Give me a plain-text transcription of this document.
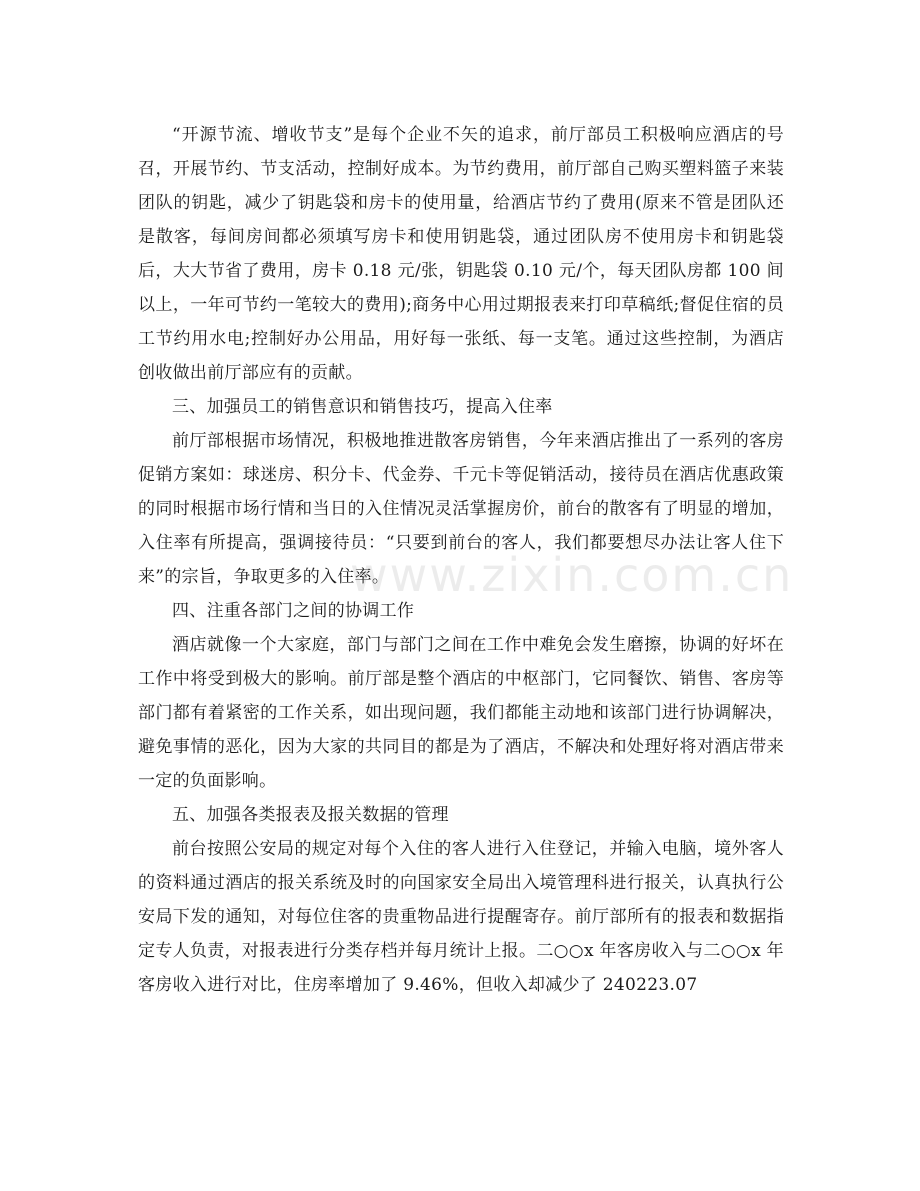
“开源节流、增收节支”是每个企业不矢的追求，前厅部员工积极响应酒店的号召，开展节约、节支活动，控制好成本。为节约费用，前厅部自己购买塑料篮子来装团队的钥匙，减少了钥匙袋和房卡的使用量，给酒店节约了费用(原来不管是团队还是散客，每间房间都必须填写房卡和使用钥匙袋，通过团队房不使用房卡和钥匙袋后，大大节省了费用，房卡 0.18 元/张，钥匙袋 0.10 元/个，每天团队房都 100 间以上，一年可节约一笔较大的费用);商务中心用过期报表来打印草稿纸;督促住宿的员工节约用水电;控制好办公用品，用好每一张纸、每一支笔。通过这些控制，为酒店创收做出前厅部应有的贡献。

三、加强员工的销售意识和销售技巧，提高入住率

前厅部根据市场情况，积极地推进散客房销售，今年来酒店推出了一系列的客房促销方案如：球迷房、积分卡、代金券、千元卡等促销活动，接待员在酒店优惠政策的同时根据市场行情和当日的入住情况灵活掌握房价，前台的散客有了明显的增加，入住率有所提高，强调接待员：“只要到前台的客人，我们都要想尽办法让客人住下来”的宗旨，争取更多的入住率。

四、注重各部门之间的协调工作

酒店就像一个大家庭，部门与部门之间在工作中难免会发生磨擦，协调的好坏在工作中将受到极大的影响。前厅部是整个酒店的中枢部门，它同餐饮、销售、客房等部门都有着紧密的工作关系，如出现问题，我们都能主动地和该部门进行协调解决，避免事情的恶化，因为大家的共同目的都是为了酒店，不解决和处理好将对酒店带来一定的负面影响。

五、加强各类报表及报关数据的管理

前台按照公安局的规定对每个入住的客人进行入住登记，并输入电脑，境外客人的资料通过酒店的报关系统及时的向国家安全局出入境管理科进行报关，认真执行公安局下发的通知，对每位住客的贵重物品进行提醒寄存。前厅部所有的报表和数据指定专人负责，对报表进行分类存档并每月统计上报。二○○x 年客房收入与二○○x 年客房收入进行对比，住房率增加了 9.46%，但收入却减少了 240223.07

www.zixin.com.cn
